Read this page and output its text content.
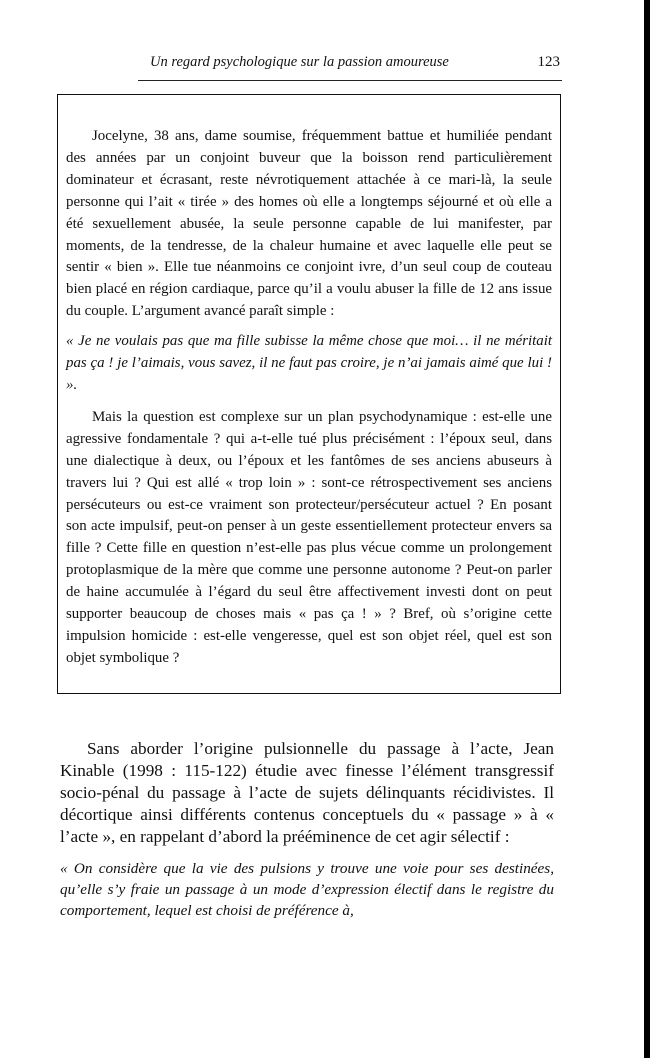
Un regard psychologique sur la passion amoureuse	123

Jocelyne, 38 ans, dame soumise, fréquemment battue et humiliée pendant des années par un conjoint buveur que la boisson rend particulièrement dominateur et écrasant, reste névrotiquement attachée à ce mari-là, la seule personne qui l’ait « tirée » des homes où elle a longtemps séjourné et où elle a été sexuellement abusée, la seule personne capable de lui manifester, par moments, de la tendresse, de la chaleur humaine et avec laquelle elle peut se sentir « bien ». Elle tue néanmoins ce conjoint ivre, d’un seul coup de couteau bien placé en région cardiaque, parce qu’il a voulu abuser la fille de 12 ans issue du couple. L’argument avancé paraît simple :

« Je ne voulais pas que ma fille subisse la même chose que moi… il ne méritait pas ça ! je l’aimais, vous savez, il ne faut pas croire, je n’ai jamais aimé que lui ! ».

Mais la question est complexe sur un plan psychodynamique : est-elle une agressive fondamentale ? qui a-t-elle tué plus précisément : l’époux seul, dans une dialectique à deux, ou l’époux et les fantômes de ses anciens abuseurs à travers lui ? Qui est allé « trop loin » : sont-ce rétrospectivement ses anciens persécuteurs ou est-ce vraiment son protecteur/persécuteur actuel ? En posant son acte impulsif, peut-on penser à un geste essentiellement protecteur envers sa fille ? Cette fille en question n’est-elle pas plus vécue comme un prolongement protoplasmique de la mère que comme une personne autonome ? Peut-on parler de haine accumulée à l’égard du seul être affectivement investi dont on peut supporter beaucoup de choses mais « pas ça ! » ? Bref, où s’origine cette impulsion homicide : est-elle vengeresse, quel est son objet réel, quel est son objet symbolique ?

Sans aborder l’origine pulsionnelle du passage à l’acte, Jean Kinable (1998 : 115-122) étudie avec finesse l’élément transgressif socio-pénal du passage à l’acte de sujets délinquants récidivistes. Il décortique ainsi différents contenus conceptuels du « passage » à « l’acte », en rappelant d’abord la prééminence de cet agir sélectif :

« On considère que la vie des pulsions y trouve une voie pour ses destinées, qu’elle s’y fraie un passage à un mode d’expression électif dans le registre du comportement, lequel est choisi de préférence à,
